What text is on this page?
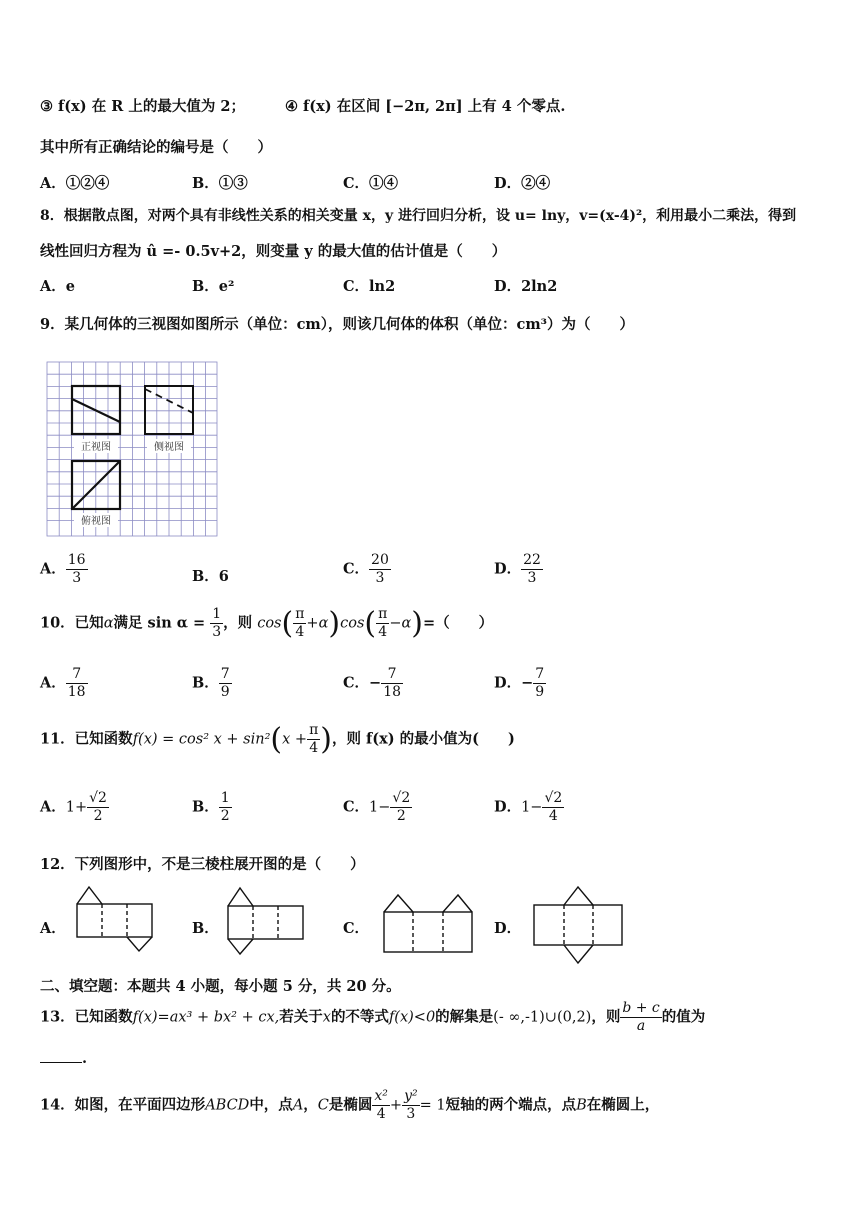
③ f(x) 在 R 上的最大值为 2；	④ f(x) 在区间 [−2π, 2π] 上有 4 个零点.
其中所有正确结论的编号是（　　）
A．①②④	B．①③	C．①④	D．②④
8．根据散点图，对两个具有非线性关系的相关变量 x，y 进行回归分析，设 u= lny，v=(x-4)²，利用最小二乘法，得到
线性回归方程为 û =- 0.5v+2，则变量 y 的最大值的估计值是（　　）
A．e	B．e²	C．ln2	D．2ln2
9．某几何体的三视图如图所示（单位：cm），则该几何体的体积（单位：cm³）为（　　）
正视图	侧视图
俯视图
A． $\frac{16}{3}$	B．6	C． $\frac{20}{3}$	D． $\frac{22}{3}$
10．已知α满足 $\sin \alpha = \frac{1}{3}$ ，则 $\cos( \frac{\pi}{4} +\alpha)\cos( \frac{\pi}{4} -\alpha)=$（　　）
A． $\frac{7}{18}$	B． $\frac{7}{9}$	C．− $\frac{7}{18}$	D．− $\frac{7}{9}$
11．已知函数f(x) = cos² $x + \sin^2(x + \frac{\pi}{4}$ )，则 f(x) 的最小值为(　　)
A．$1+ \frac{√2}{2}$	B． $\frac{1}{2}$	C．$1- \frac{√2}{2}$	D．$1- \frac{√2}{4}$
12．下列图形中，不是三棱柱展开图的是（　　）
A．	B．	C．	D．
二、填空题：本题共 4 小题，每小题 5 分，共 20 分。
13．已知函数f(x)=ax³ + bx² + cx,若关于x的不等式f(x)<0的解集是(- ∞,-1)∪(0,2)，则 $\frac{b + c}{a}$ 的值为
.
14．如图，在平面四边形ABCD中，点A，C是椭圆 $\frac{\text{x²}}{4} + \frac{\text{y²}}{3} = 1$短轴的两个端点，点B在椭圆上，
